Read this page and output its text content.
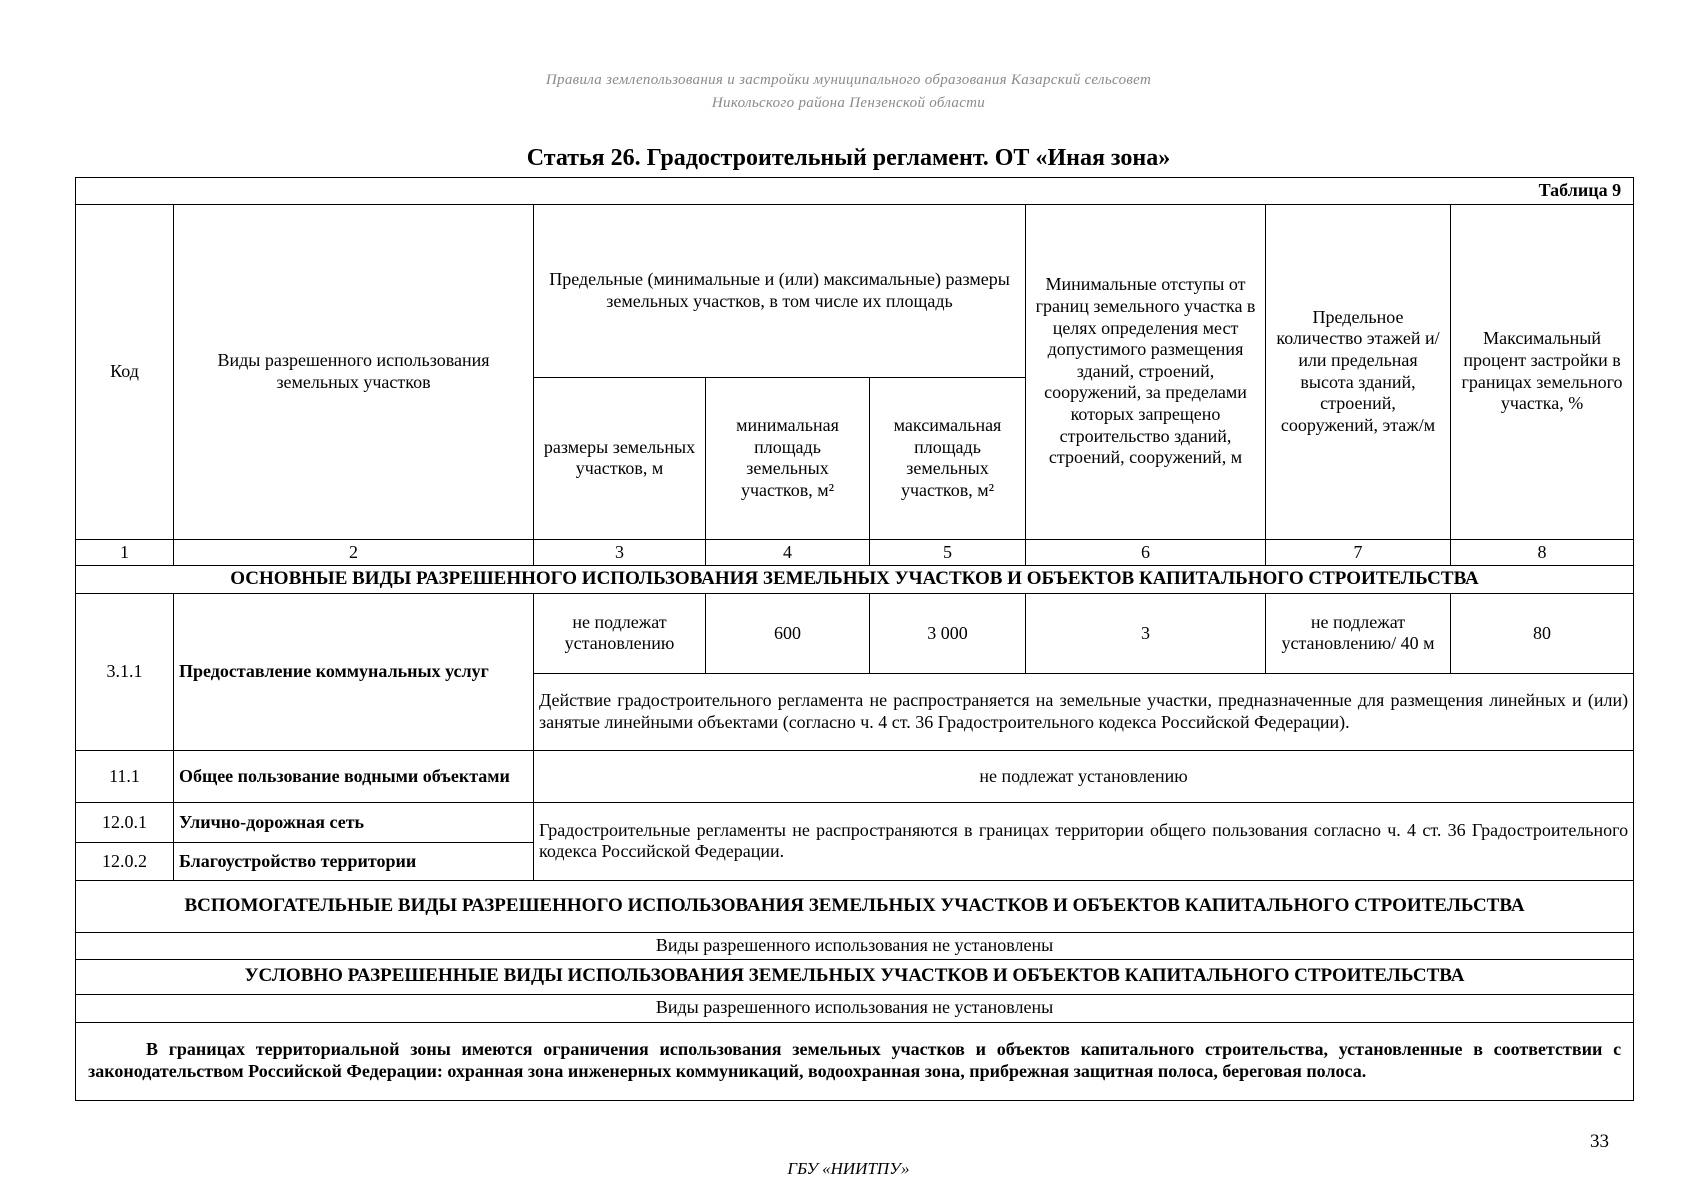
Правила землепользования и застройки муниципального образования Казарский сельсовет
Никольского района Пензенской области
Статья 26. Градостроительный регламент. ОТ «Иная зона»
Таблица 9							
Код	Виды разрешенного использования земельных участков	Предельные (минимальные и (или) максимальные) размеры земельных участков, в том числе их площадь			Минимальные отступы от границ земельного участка в целях определения мест допустимого размещения зданий, строений, сооружений, за пределами которых запрещено строительство зданий, строений, сооружений, м	Предельное количество этажей и/или предельная высота зданий, строений, сооружений, этаж/м	Максимальный процент застройки в границах земельного участка, %
		размеры земельных участков, м	минимальная площадь земельных участков, м²	максимальная площадь земельных участков, м²			
1	2	3	4	5	6	7	8
ОСНОВНЫЕ ВИДЫ РАЗРЕШЕННОГО ИСПОЛЬЗОВАНИЯ ЗЕМЕЛЬНЫХ УЧАСТКОВ И ОБЪЕКТОВ КАПИТАЛЬНОГО СТРОИТЕЛЬСТВА							
3.1.1	Предоставление коммунальных услуг	не подлежат установлению	600	3 000	3	не подлежат установлению/ 40 м	80
		Действие градостроительного регламента не распространяется на земельные участки, предназначенные для размещения линейных и (или) занятые линейными объектами (согласно ч. 4 ст. 36 Градостроительного кодекса Российской Федерации).					
11.1	Общее пользование водными объектами	не подлежат установлению					
12.0.1	Улично-дорожная сеть	Градостроительные регламенты не распространяются в границах территории общего пользования согласно ч. 4 ст. 36 Градостроительного кодекса Российской Федерации.					
12.0.2	Благоустройство территории						
ВСПОМОГАТЕЛЬНЫЕ ВИДЫ РАЗРЕШЕННОГО ИСПОЛЬЗОВАНИЯ ЗЕМЕЛЬНЫХ УЧАСТКОВ И ОБЪЕКТОВ КАПИТАЛЬНОГО СТРОИТЕЛЬСТВА							
Виды разрешенного использования не установлены							
УСЛОВНО РАЗРЕШЕННЫЕ ВИДЫ ИСПОЛЬЗОВАНИЯ ЗЕМЕЛЬНЫХ УЧАСТКОВ И ОБЪЕКТОВ КАПИТАЛЬНОГО СТРОИТЕЛЬСТВА							
Виды разрешенного использования не установлены							
В границах территориальной зоны имеются ограничения использования земельных участков и объектов капитального строительства, установленные в соответствии с законодательством Российской Федерации: охранная зона инженерных коммуникаций, водоохранная зона, прибрежная защитная полоса, береговая полоса.							
33
ГБУ «НИИТПУ»
